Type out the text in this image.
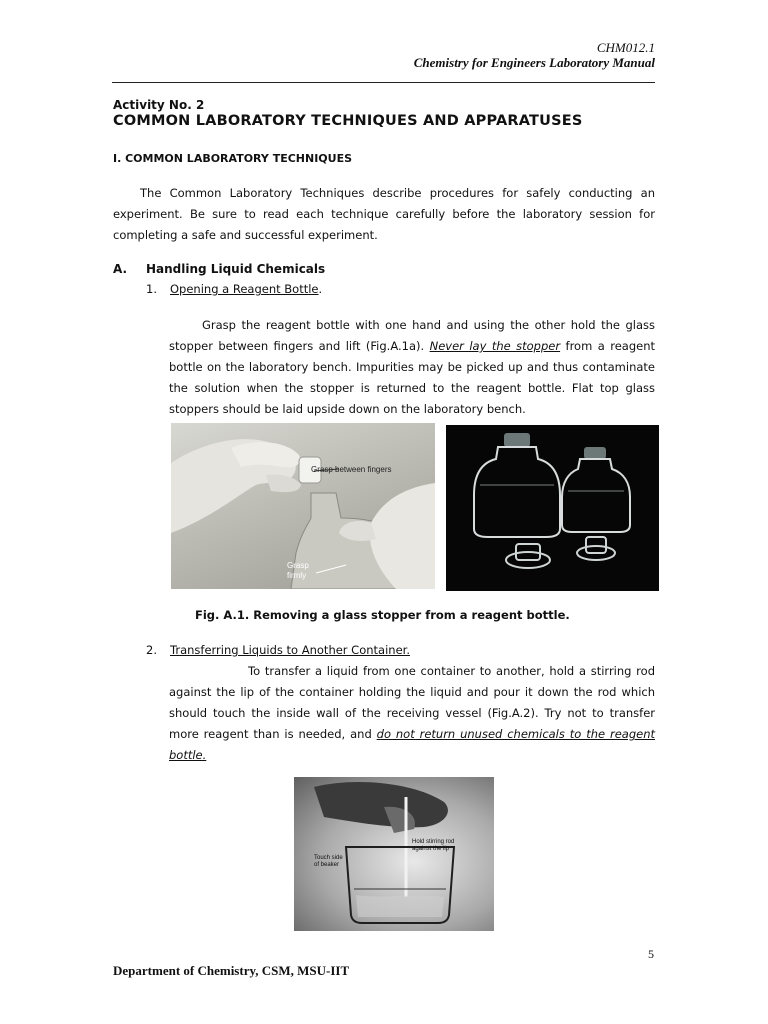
CHM012.1
Chemistry for Engineers Laboratory Manual
Activity No. 2
COMMON LABORATORY TECHNIQUES AND APPARATUSES
I. COMMON LABORATORY TECHNIQUES
The Common Laboratory Techniques describe procedures for safely conducting an experiment. Be sure to read each technique carefully before the laboratory session for completing a safe and successful experiment.
A. Handling Liquid Chemicals
1. Opening a Reagent Bottle.
Grasp the reagent bottle with one hand and using the other hold the glass stopper between fingers and lift (Fig.A.1a). Never lay the stopper from a reagent bottle on the laboratory bench. Impurities may be picked up and thus contaminate the solution when the stopper is returned to the reagent bottle. Flat top glass stoppers should be laid upside down on the laboratory bench.
Grasp between fingers
Grasp
firmly
Fig. A.1. Removing a glass stopper from a reagent bottle.
2. Transferring Liquids to Another Container.
To transfer a liquid from one container to another, hold a stirring rod against the lip of the container holding the liquid and pour it down the rod which should touch the inside wall of the receiving vessel (Fig.A.2). Try not to transfer more reagent than is needed, and do not return unused chemicals to the reagent bottle.
Hold stirring rod
against the lip
Touch side
of beaker
5
Department of Chemistry, CSM, MSU-IIT
